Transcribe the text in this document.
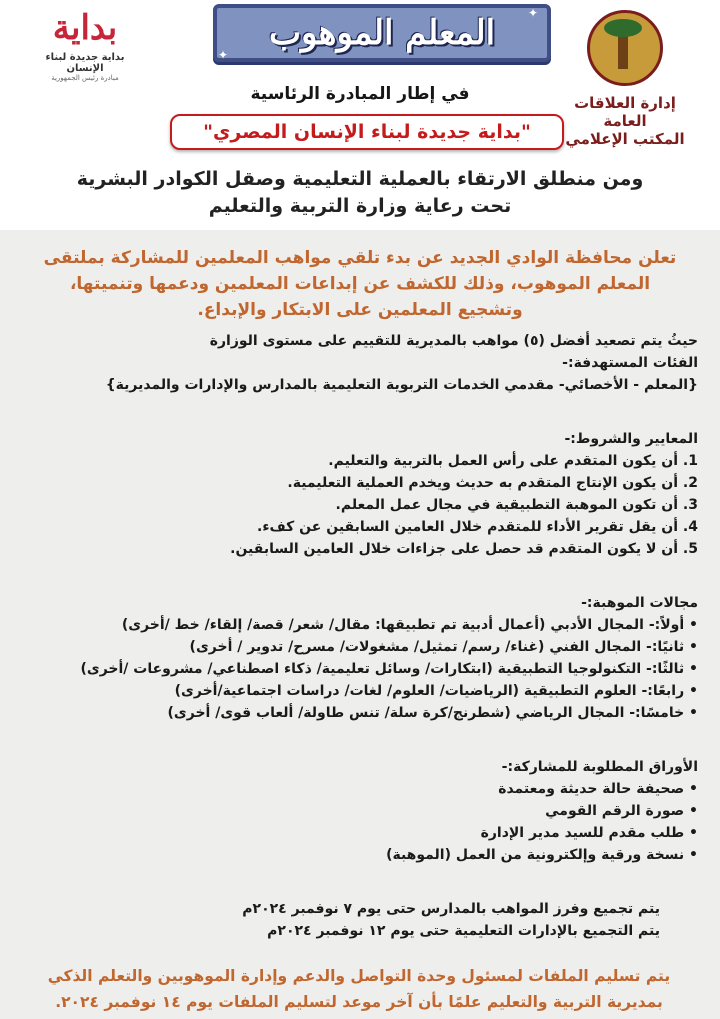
بداية
بداية جديدة لبناء الإنسان
مبادرة رئيس الجمهورية
المعلم الموهوب
✦
✦
إدارة العلاقات العامة
المكتب الإعلامي
في إطار المبادرة الرئاسية
"بداية جديدة لبناء الإنسان المصري"
ومن منطلق الارتقاء بالعملية التعليمية وصقل الكوادر البشرية
تحت رعاية وزارة التربية والتعليم
تعلن محافظة الوادي الجديد عن بدء تلقي مواهب المعلمين للمشاركة بملتقى
المعلم الموهوب، وذلك للكشف عن إبداعات المعلمين ودعمها وتنميتها،
وتشجيع المعلمين على الابتكار والإبداع.
حيثُ يتم تصعيد أفضل (٥) مواهب بالمديرية للتقييم على مستوى الوزارة
الفئات المستهدفة:-
{المعلم - الأخصائي- مقدمي الخدمات التربوية التعليمية بالمدارس والإدارات والمديرية}
المعايير والشروط:-
1. أن يكون المتقدم على رأس العمل بالتربية والتعليم.
2. أن يكون الإنتاج المتقدم به حديث ويخدم العملية التعليمية.
3. أن تكون الموهبة التطبيقية في مجال عمل المعلم.
4. أن يقل تقرير الأداء للمتقدم خلال العامين السابقين عن كفء.
5. أن لا يكون المتقدم قد حصل على جزاءات خلال العامين السابقين.
مجالات الموهبة:-
• أولاً:- المجال الأدبي (أعمال أدبية تم تطبيقها: مقال/ شعر/ قصة/ إلقاء/ خط /أخرى)
• ثانيًا:- المجال الفني (غناء/ رسم/ تمثيل/ مشغولات/ مسرح/ تدوير / أخرى)
• ثالثًا:- التكنولوجيا التطبيقية (ابتكارات/ وسائل تعليمية/ ذكاء اصطناعي/ مشروعات /أخرى)
• رابعًا:- العلوم التطبيقية (الرياضيات/ العلوم/ لغات/ دراسات اجتماعية/أخرى)
• خامسًا:- المجال الرياضي (شطرنج/كرة سلة/ تنس طاولة/ ألعاب قوى/ أخرى)
الأوراق المطلوبة للمشاركة:-
• صحيفة حالة حديثة ومعتمدة
• صورة الرقم القومي
• طلب مقدم للسيد مدير الإدارة
• نسخة ورقية وإلكترونية من العمل (الموهبة)
يتم تجميع وفرز المواهب بالمدارس حتى يوم ٧ نوفمبر ٢٠٢٤م
يتم التجميع بالإدارات التعليمية حتى يوم ١٢ نوفمبر ٢٠٢٤م
يتم تسليم الملفات لمسئول وحدة التواصل والدعم وإدارة الموهوبين والتعلم الذكي
بمديرية التربية والتعليم علمًا بأن آخر موعد لتسليم الملفات يوم ١٤ نوفمبر ٢٠٢٤.
